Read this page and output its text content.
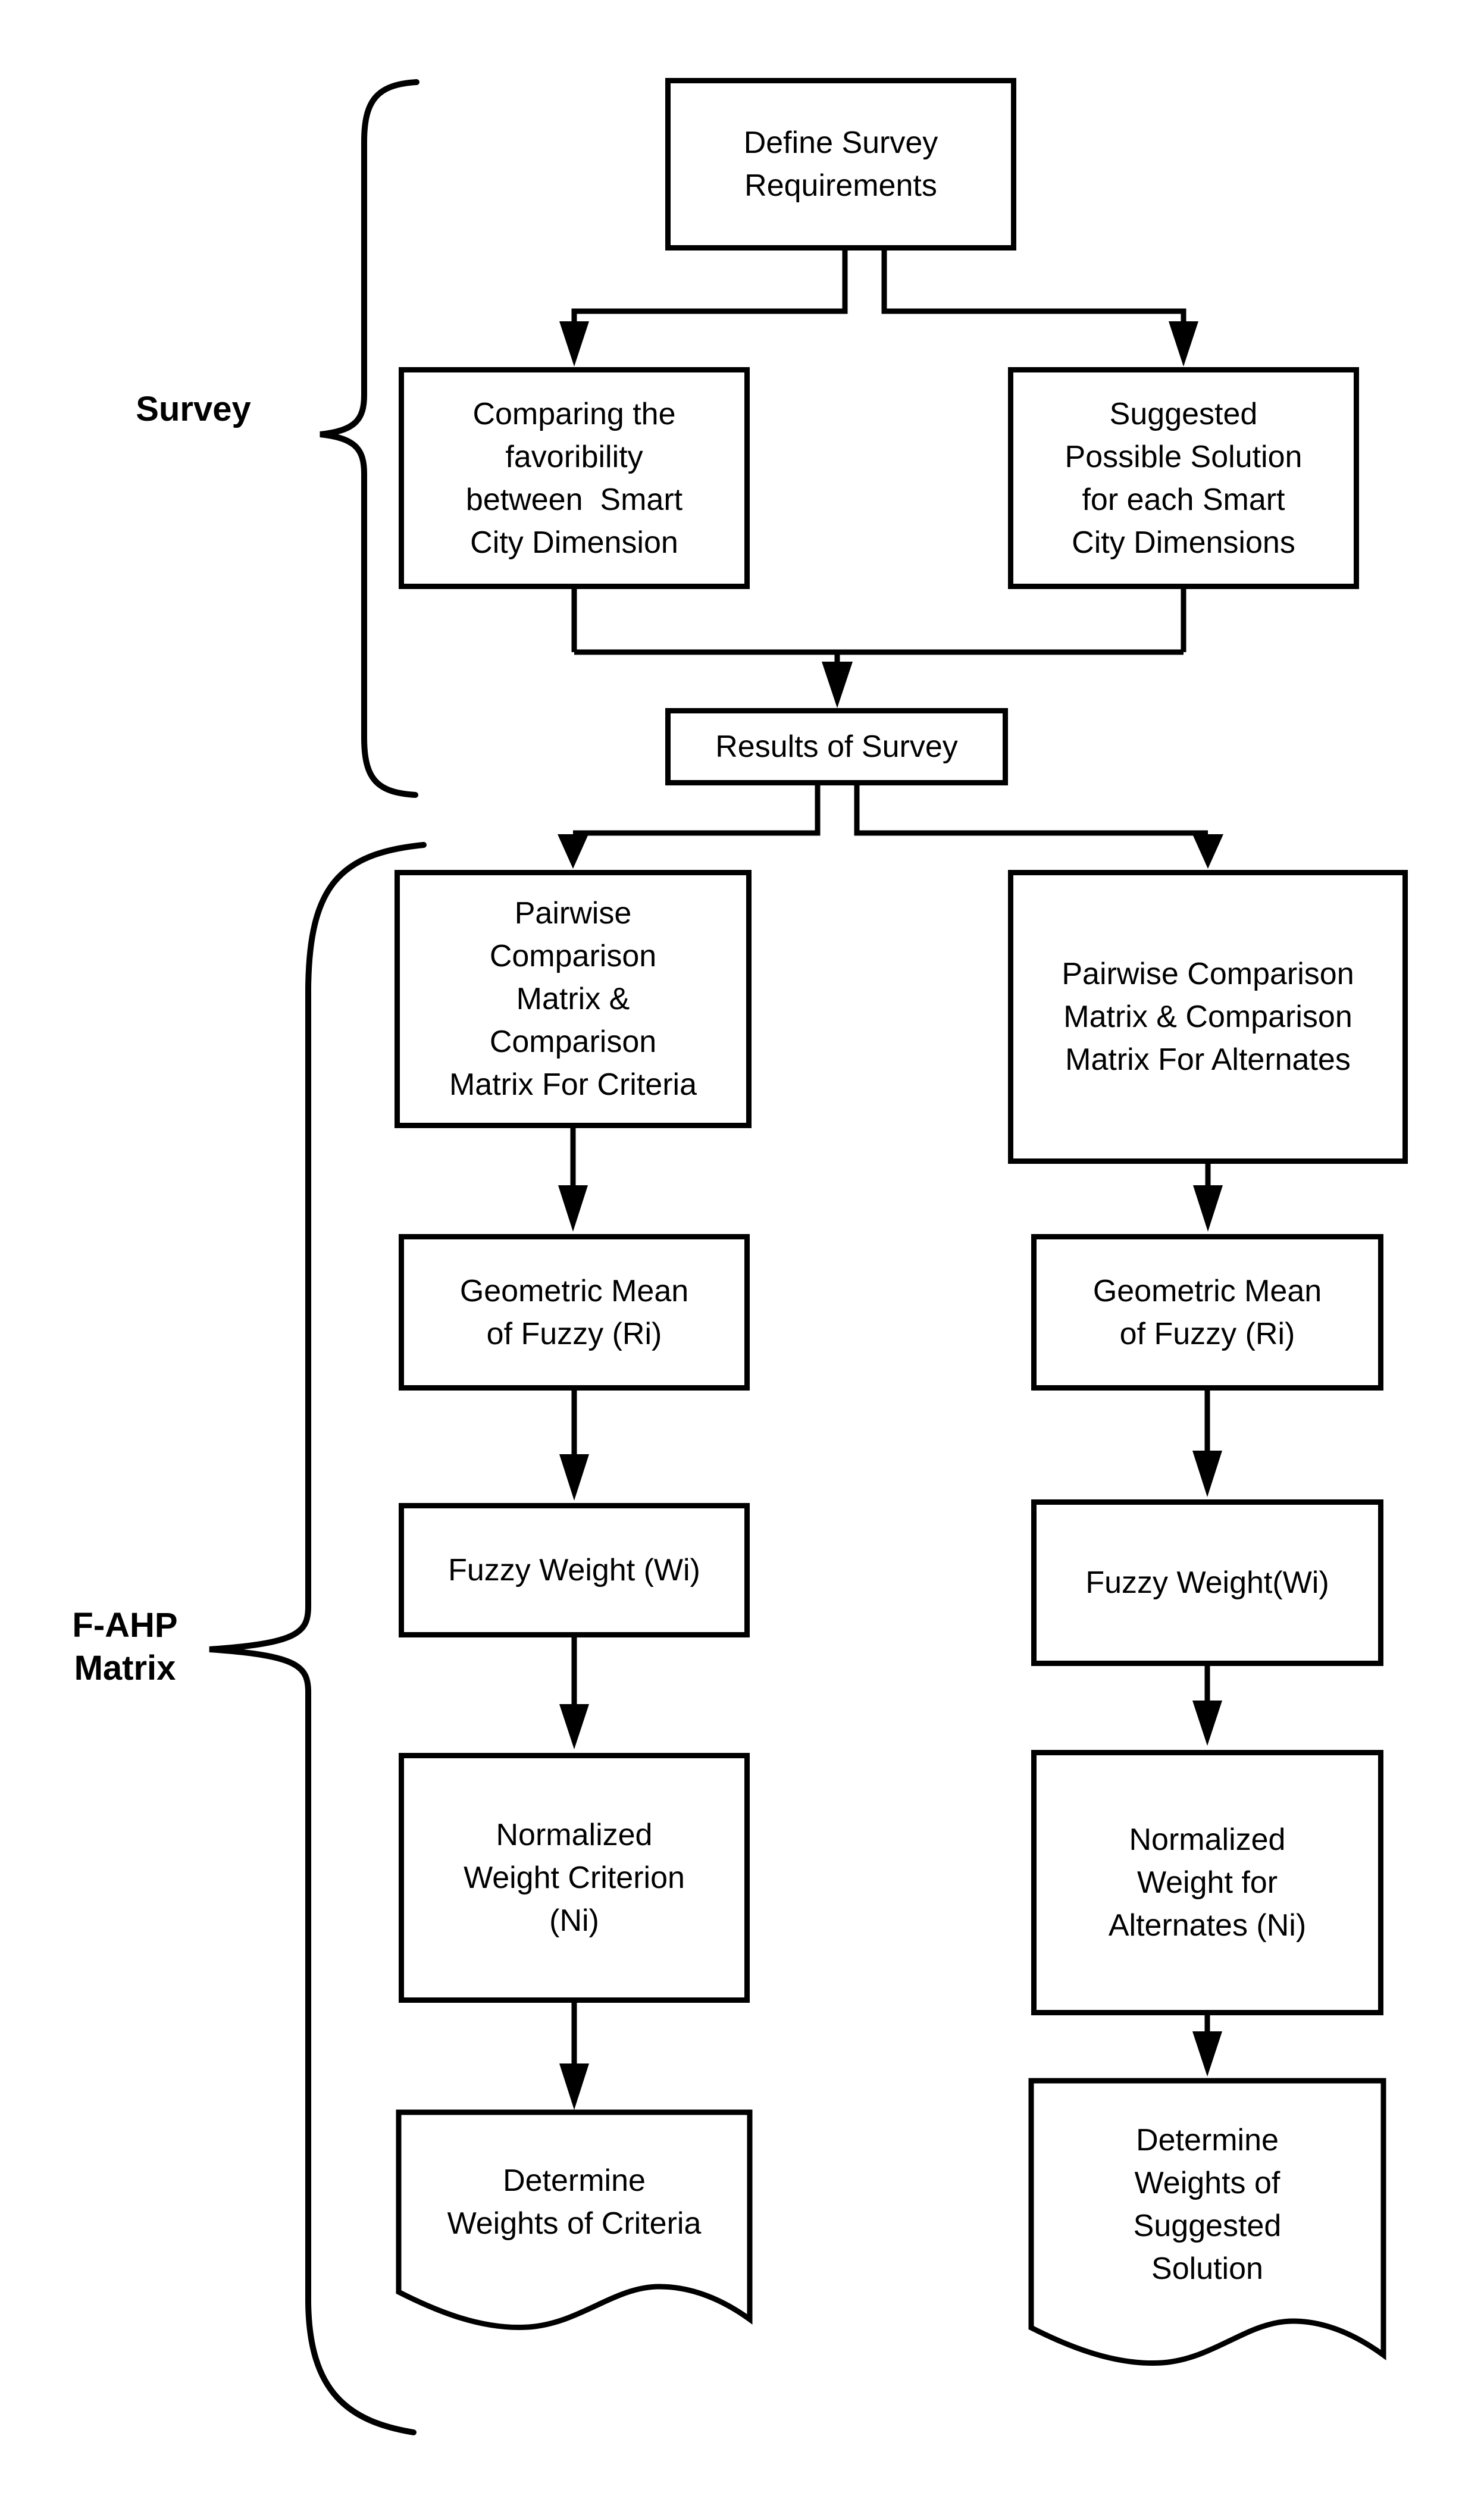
Survey
F-AHP
Matrix
Define Survey
Requirements
Comparing the
favoribility
between  Smart
City Dimension
Suggested
Possible Solution
for each Smart
City Dimensions
Results of Survey
Pairwise
Comparison
Matrix &
Comparison
Matrix For Criteria
Pairwise Comparison
Matrix & Comparison
Matrix For Alternates
Geometric Mean
of Fuzzy (Ri)
Geometric Mean
of Fuzzy (Ri)
Fuzzy Weight (Wi)	Fuzzy Weight(Wi)
Normalized
Weight Criterion
(Ni)
Normalized
Weight for
Alternates (Ni)
Determine
Weights of Criteria
Determine
Weights of
Suggested
Solution
